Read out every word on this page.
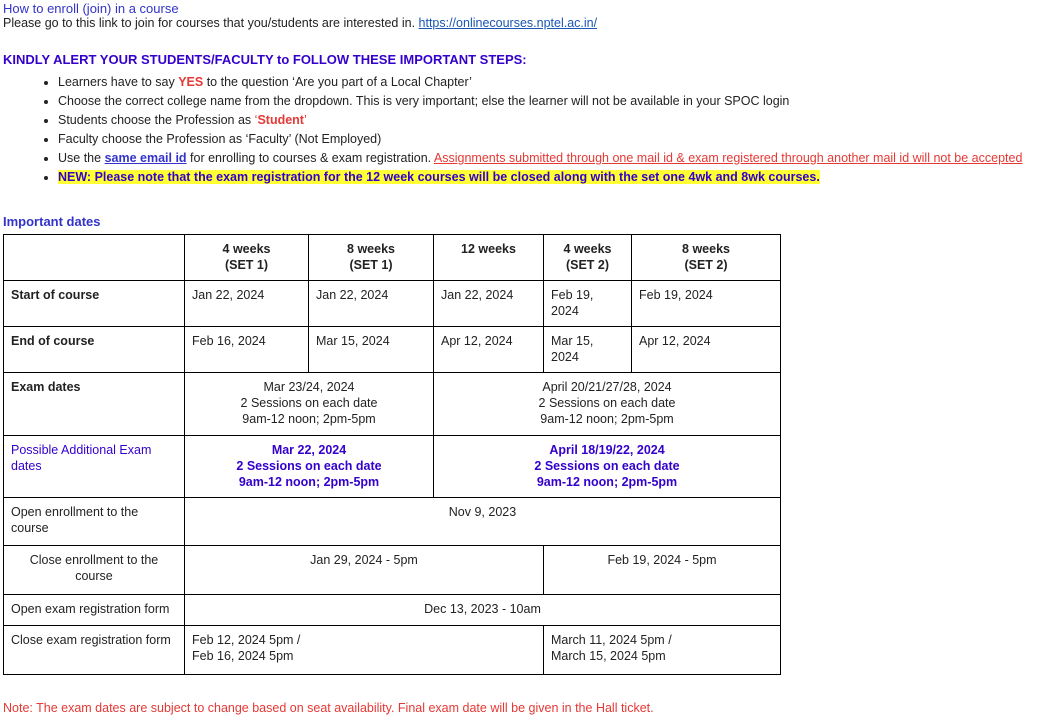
How to enroll (join) in a course
Please go to this link to join for courses that you/students are interested in. https://onlinecourses.nptel.ac.in/
KINDLY ALERT YOUR STUDENTS/FACULTY to FOLLOW THESE IMPORTANT STEPS:
• Learners have to say YES to the question ‘Are you part of a Local Chapter’
• Choose the correct college name from the dropdown. This is very important; else the learner will not be available in your SPOC login
• Students choose the Profession as ‘Student’
• Faculty choose the Profession as ‘Faculty’ (Not Employed)
• Use the same email id for enrolling to courses & exam registration. Assignments submitted through one mail id & exam registered through another mail id will not be accepted
• NEW: Please note that the exam registration for the 12 week courses will be closed along with the set one 4wk and 8wk courses.
Important dates
	4 weeks
(SET 1)	8 weeks
(SET 1)	12 weeks	4 weeks
(SET 2)	8 weeks
(SET 2)
Start of course	Jan 22, 2024	Jan 22, 2024	Jan 22, 2024	Feb 19,
2024	Feb 19, 2024
End of course	Feb 16, 2024	Mar 15, 2024	Apr 12, 2024	Mar 15,
2024	Apr 12, 2024
Exam dates	Mar 23/24, 2024
2 Sessions on each date
9am-12 noon; 2pm-5pm		April 20/21/27/28, 2024
2 Sessions on each date
9am-12 noon; 2pm-5pm		
Possible Additional Exam
dates	Mar 22, 2024
2 Sessions on each date
9am-12 noon; 2pm-5pm		April 18/19/22, 2024
2 Sessions on each date
9am-12 noon; 2pm-5pm		
Open enrollment to the
course	Nov 9, 2023				
Close enrollment to the
course	Jan 29, 2024 - 5pm			Feb 19, 2024 - 5pm	
Open exam registration form	Dec 13, 2023 - 10am				
Close exam registration form	Feb 12, 2024 5pm /
Feb 16, 2024 5pm			March 11, 2024 5pm /
March 15, 2024 5pm	
Note: The exam dates are subject to change based on seat availability. Final exam date will be given in the Hall ticket.
